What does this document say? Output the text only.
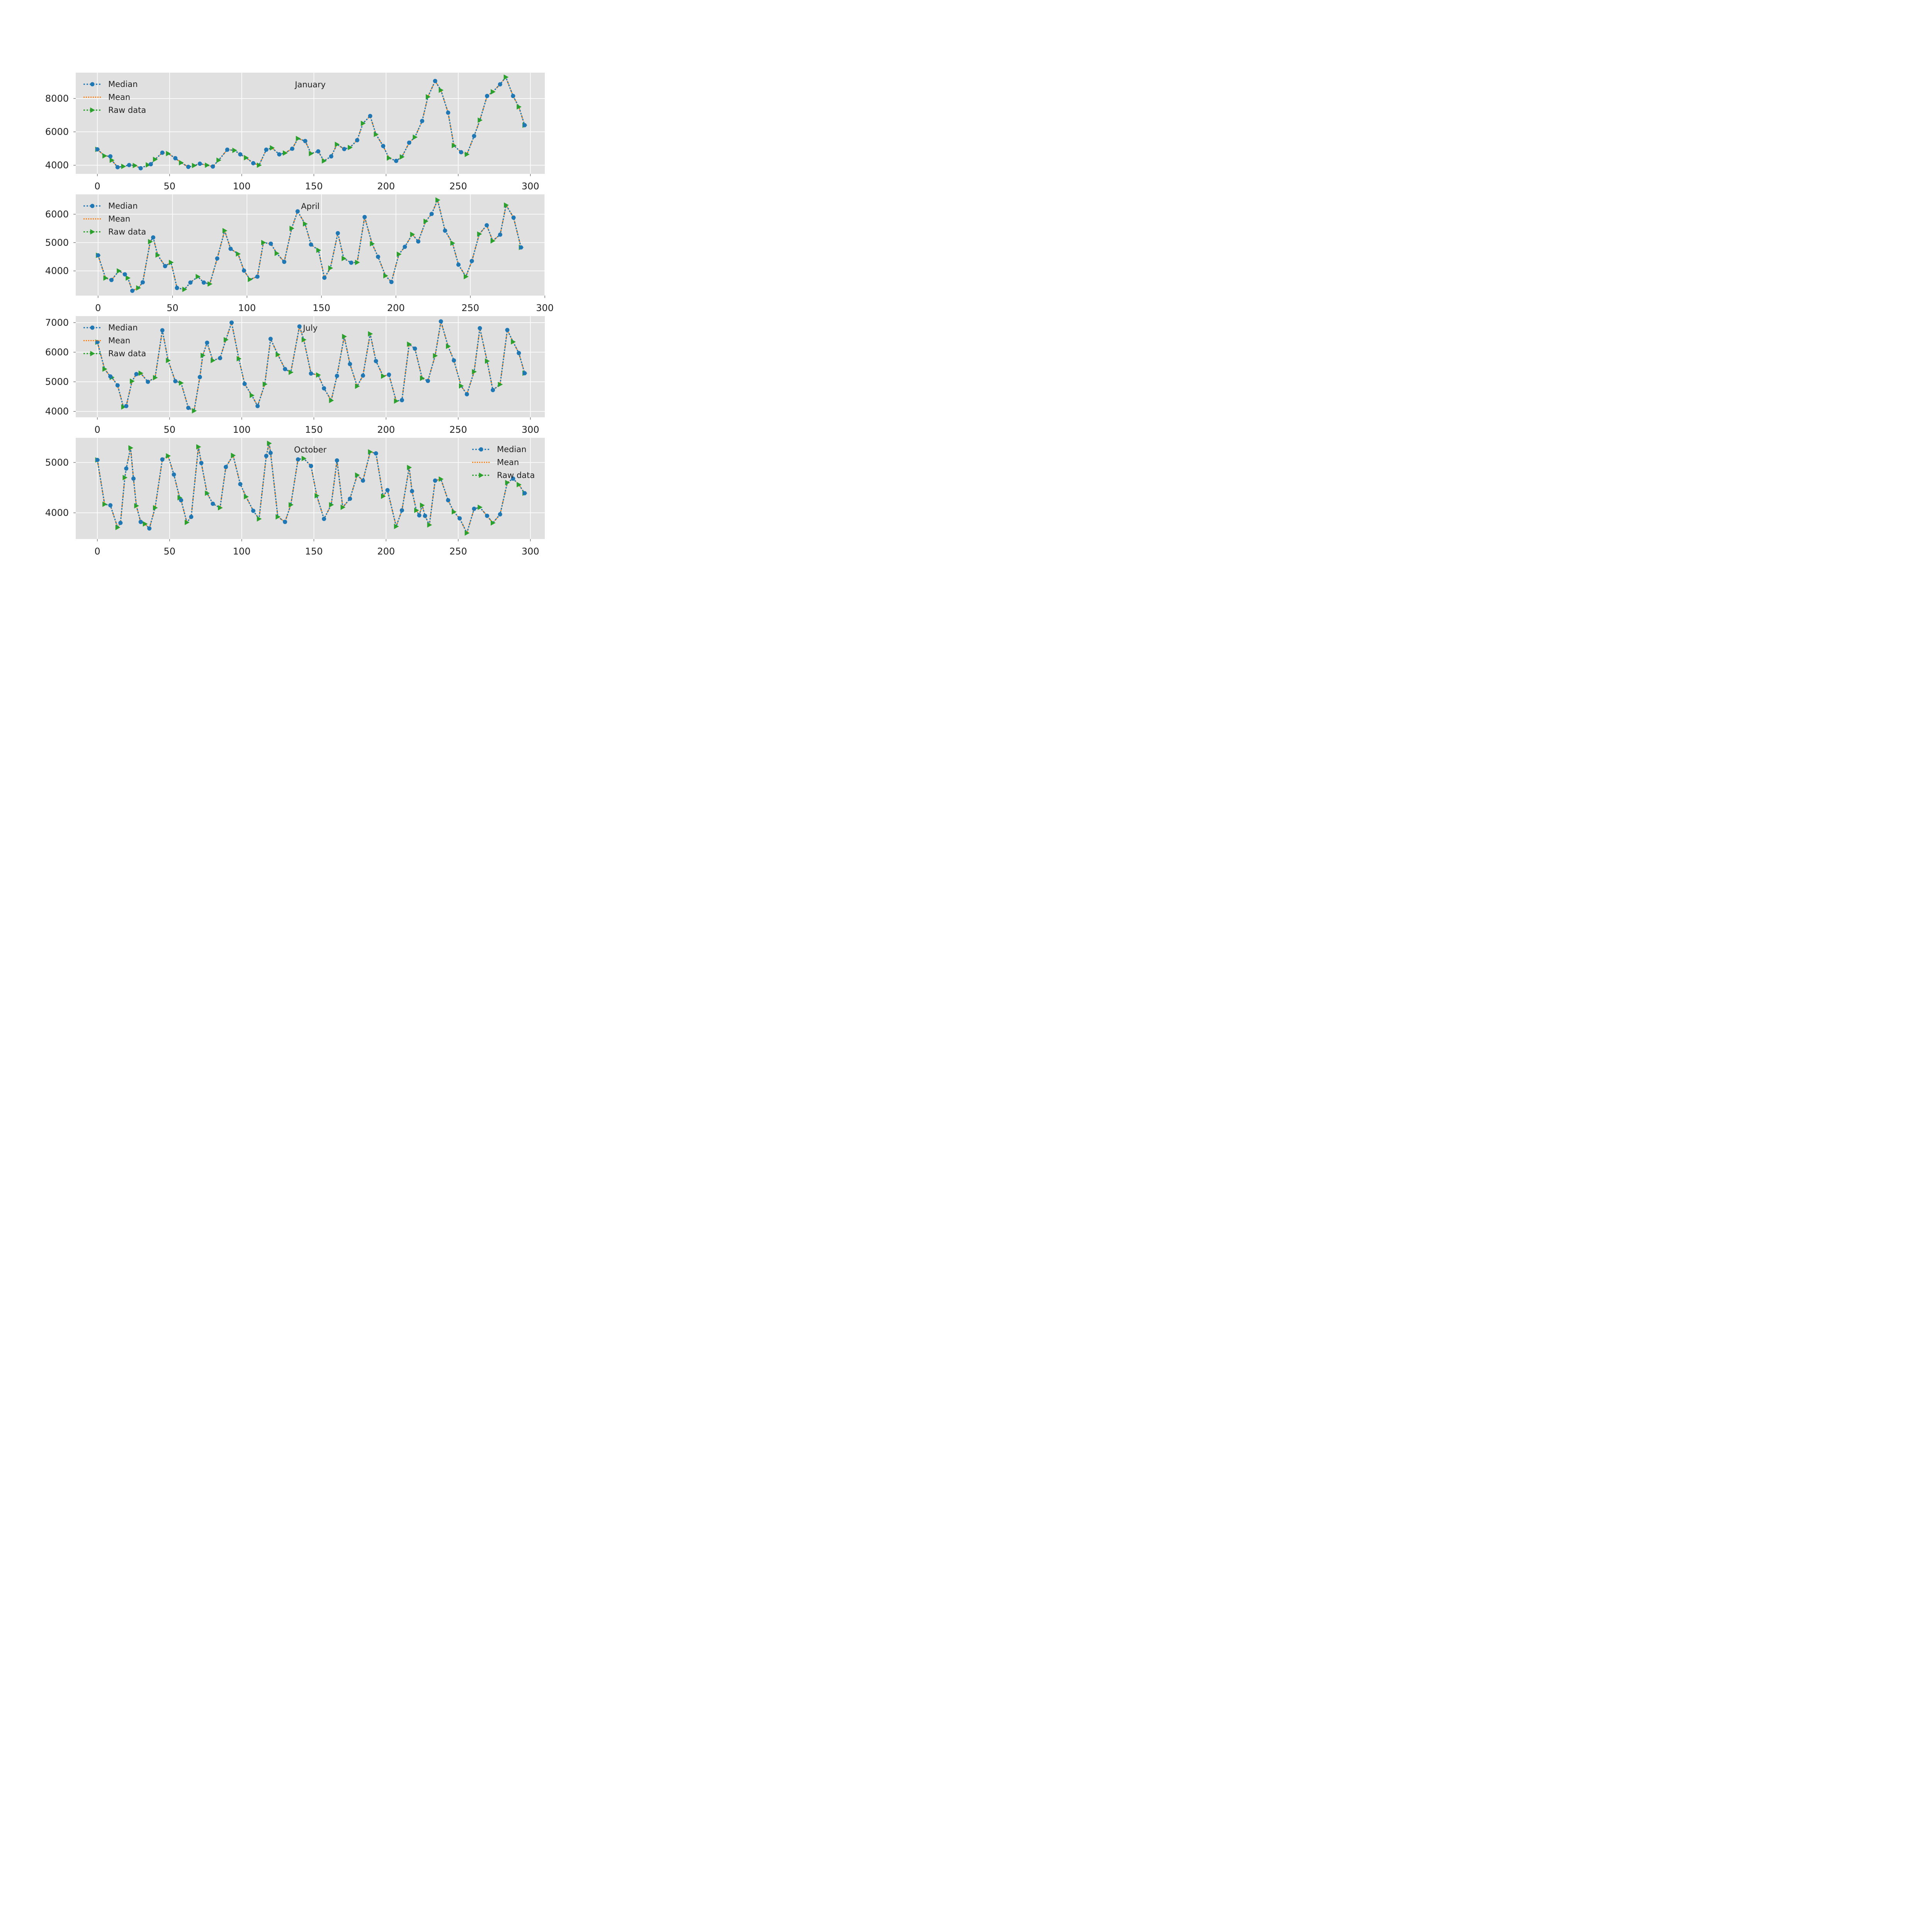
0	50	100	150	200	250	300
4000
6000
8000
January
Median
Mean
Raw data
0	50	100	150	200	250	300
4000
5000
6000
April
Median
Mean
Raw data
0	50	100	150	200	250	300
4000
5000
6000
7000
July
Median
Mean
Raw data
0	50	100	150	200	250	300
4000
5000
October	Median
Mean
Raw data
